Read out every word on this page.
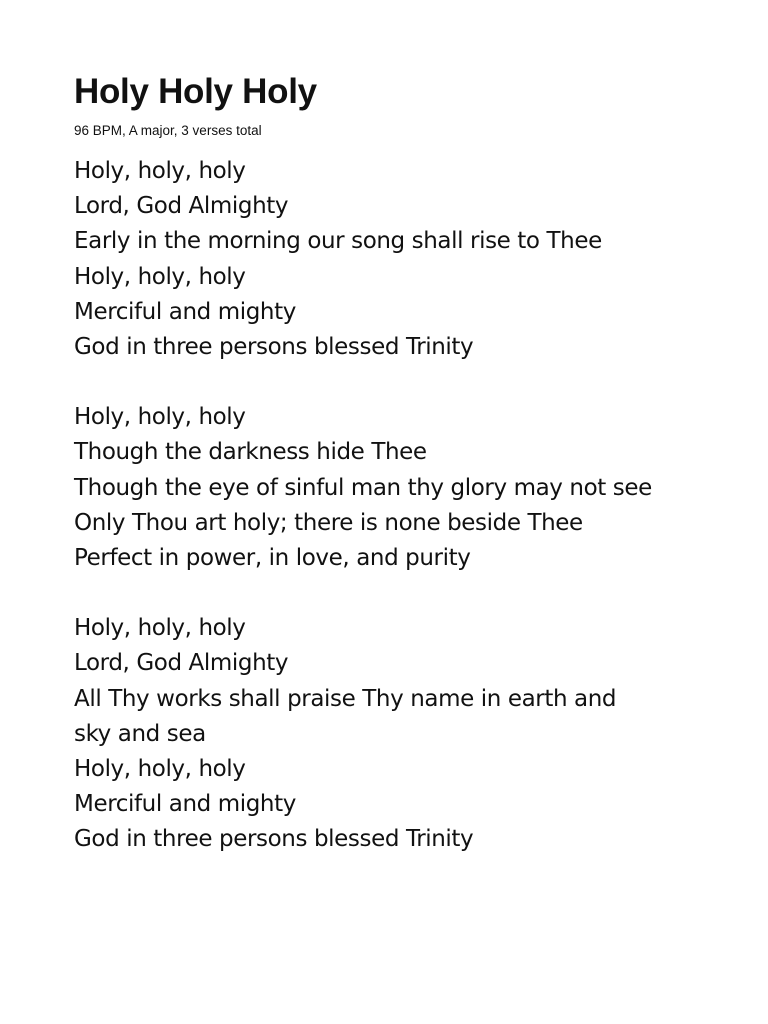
Holy Holy Holy
96 BPM, A major, 3 verses total
Holy, holy, holy
Lord, God Almighty
Early in the morning our song shall rise to Thee
Holy, holy, holy
Merciful and mighty
God in three persons blessed Trinity
Holy, holy, holy
Though the darkness hide Thee
Though the eye of sinful man thy glory may not see
Only Thou art holy; there is none beside Thee
Perfect in power, in love, and purity
Holy, holy, holy
Lord, God Almighty
All Thy works shall praise Thy name in earth and
sky and sea
Holy, holy, holy
Merciful and mighty
God in three persons blessed Trinity
